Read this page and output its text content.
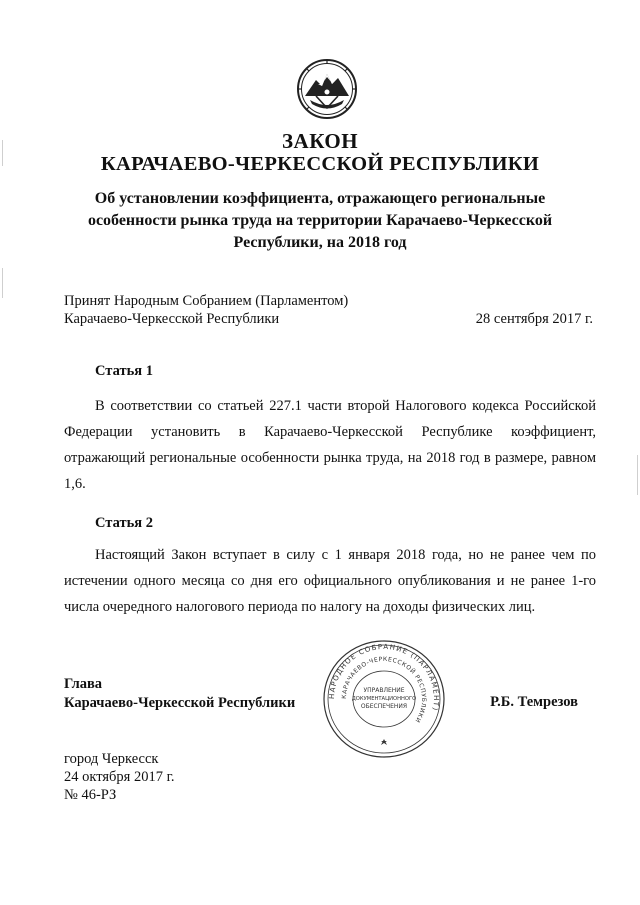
ЗАКОН
КАРАЧАЕВО-ЧЕРКЕССКОЙ РЕСПУБЛИКИ
Об установлении коэффициента, отражающего региональные
особенности рынка труда на территории Карачаево-Черкесской
Республики, на 2018 год
Принят Народным Собранием (Парламентом)
Карачаево-Черкесской Республики	28 сентября 2017 г.
Статья 1
В соответствии со статьей 227.1 части второй Налогового кодекса Российской Федерации установить в Карачаево-Черкесской Республике коэффициент, отражающий региональные особенности рынка труда, на 2018 год в размере, равном 1,6.
Статья 2
Настоящий Закон вступает в силу с 1 января 2018 года, но не ранее чем по истечении одного месяца со дня его официального опубликования и не ранее 1-го числа очередного налогового периода по налогу на доходы физических лиц.
Глава
Карачаево-Черкесской Республики	НАРОДНОЕ СОБРАНИЕ (ПАРЛАМЕНТ)
КАРАЧАЕВО-ЧЕРКЕССКОЙ РЕСПУБЛИКИ
УПРАВЛЕНИЕ
ДОКУМЕНТАЦИОННОГО
ОБЕСПЕЧЕНИЯ	Р.Б. Темрезов
город Черкесск
24 октября 2017 г.
№ 46-РЗ
